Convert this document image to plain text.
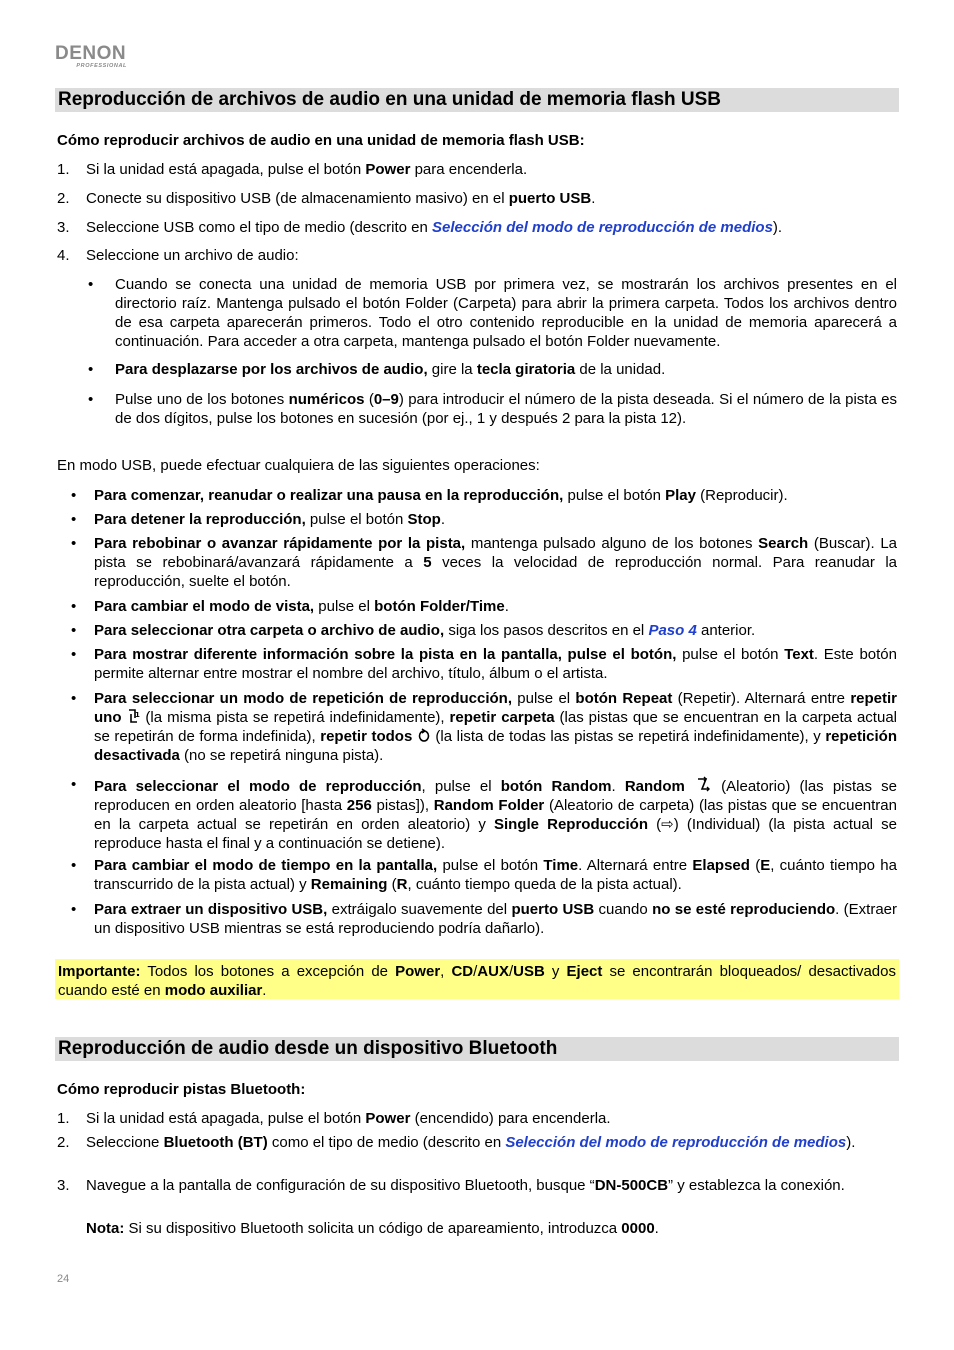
DENON
PROFESSIONAL
Reproducción de archivos de audio en una unidad de memoria flash USB
Cómo reproducir archivos de audio en una unidad de memoria flash USB:
1. Si la unidad está apagada, pulse el botón Power para encenderla.
2. Conecte su dispositivo USB (de almacenamiento masivo) en el puerto USB.
3. Seleccione USB como el tipo de medio (descrito en Selección del modo de reproducción de medios).
4. Seleccione un archivo de audio:
• Cuando se conecta una unidad de memoria USB por primera vez, se mostrarán los archivos presentes en el directorio raíz. Mantenga pulsado el botón Folder (Carpeta) para abrir la primera carpeta. Todos los archivos dentro de esa carpeta aparecerán primeros. Todo el otro contenido reproducible en la unidad de memoria aparecerá a continuación. Para acceder a otra carpeta, mantenga pulsado el botón Folder nuevamente.
• Para desplazarse por los archivos de audio, gire la tecla giratoria de la unidad.
• Pulse uno de los botones numéricos (0–9) para introducir el número de la pista deseada. Si el número de la pista es de dos dígitos, pulse los botones en sucesión (por ej., 1 y después 2 para la pista 12).
En modo USB, puede efectuar cualquiera de las siguientes operaciones:
• Para comenzar, reanudar o realizar una pausa en la reproducción, pulse el botón Play (Reproducir).
• Para detener la reproducción, pulse el botón Stop.
• Para rebobinar o avanzar rápidamente por la pista, mantenga pulsado alguno de los botones Search (Buscar). La pista se rebobinará/avanzará rápidamente a 5 veces la velocidad de reproducción normal. Para reanudar la reproducción, suelte el botón.
• Para cambiar el modo de vista, pulse el botón Folder/Time.
• Para seleccionar otra carpeta o archivo de audio, siga los pasos descritos en el Paso 4 anterior.
• Para mostrar diferente información sobre la pista en la pantalla, pulse el botón, pulse el botón Text. Este botón permite alternar entre mostrar el nombre del archivo, título, álbum o el artista.
• Para seleccionar un modo de repetición de reproducción, pulse el botón Repeat (Repetir). Alternará entre repetir uno 1 (la misma pista se repetirá indefinidamente), repetir carpeta (las pistas que se encuentran en la carpeta actual se repetirán de forma indefinida), repetir todos  (la lista de todas las pistas se repetirá indefinidamente), y repetición desactivada (no se repetirá ninguna pista).
• Para seleccionar el modo de reproducción, pulse el botón Random. Random  (Aleatorio) (las pistas se reproducen en orden aleatorio [hasta 256 pistas]), Random Folder (Aleatorio de carpeta) (las pistas que se encuentran en la carpeta actual se repetirán en orden aleatorio) y Single Reproducción (⇨) (Individual) (la pista actual se reproduce hasta el final y a continuación se detiene).
• Para cambiar el modo de tiempo en la pantalla, pulse el botón Time. Alternará entre Elapsed (E, cuánto tiempo ha transcurrido de la pista actual) y Remaining (R, cuánto tiempo queda de la pista actual).
• Para extraer un dispositivo USB, extráigalo suavemente del puerto USB cuando no se esté reproduciendo. (Extraer un dispositivo USB mientras se está reproduciendo podría dañarlo).

Importante: Todos los botones a excepción de Power, CD/AUX/USB y Eject se encontrarán bloqueados/ desactivados cuando esté en modo auxiliar.

Reproducción de audio desde un dispositivo Bluetooth
Cómo reproducir pistas Bluetooth:
1. Si la unidad está apagada, pulse el botón Power (encendido) para encenderla.
2. Seleccione Bluetooth (BT) como el tipo de medio (descrito en Selección del modo de reproducción de medios).
3. Navegue a la pantalla de configuración de su dispositivo Bluetooth, busque “DN-500CB” y establezca la conexión.
Nota: Si su dispositivo Bluetooth solicita un código de apareamiento, introduzca 0000.
24
